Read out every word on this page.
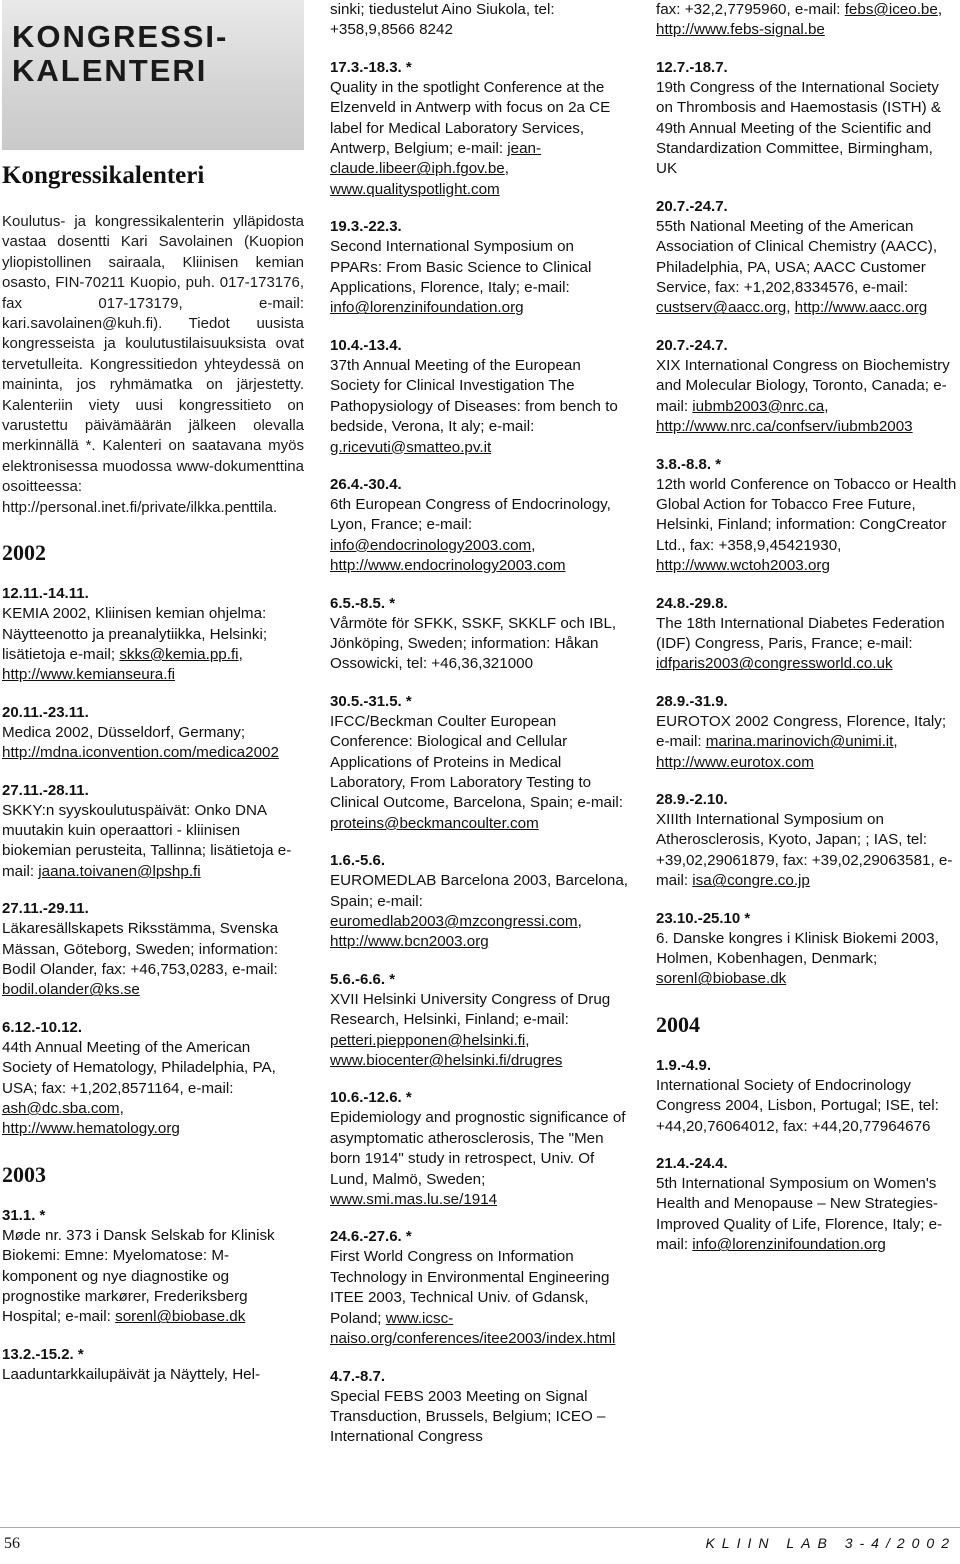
KONGRESSI-
KALENTERI
Kongressikalenteri

Koulutus- ja kongressikalenterin ylläpidosta vastaa dosentti Kari Savolainen (Kuopion yliopistollinen sairaala, Kliinisen kemian osasto, FIN-70211 Kuopio, puh. 017-173176, fax 017-173179, e-mail: kari.savolainen@kuh.fi). Tiedot uusista kongresseista ja koulutustilaisuuksista ovat tervetulleita. Kongressitiedon yhteydessä on maininta, jos ryhmämatka on järjestetty. Kalenteriin viety uusi kongressitieto on varustettu päivämäärän jälkeen olevalla merkinnällä *. Kalenteri on saatavana myös elektronisessa muodossa www-dokumenttina osoitteessa: http://personal.inet.fi/private/ilkka.penttila.

2002
12.11.-14.11.
KEMIA 2002, Kliinisen kemian ohjelma: Näytteenotto ja preanalytiikka, Helsinki; lisätietoja e-mail; skks@kemia.pp.fi, http://www.kemianseura.fi
20.11.-23.11.
Medica 2002, Düsseldorf, Germany; http://mdna.iconvention.com/medica2002
27.11.-28.11.
SKKY:n syyskoulutuspäivät: Onko DNA muutakin kuin operaattori - kliinisen biokemian perusteita, Tallinna; lisätietoja e-mail: jaana.toivanen@lpshp.fi
27.11.-29.11.
Läkaresällskapets Riksstämma, Svenska Mässan, Göteborg, Sweden; information: Bodil Olander, fax: +46,753,0283, e-mail: bodil.olander@ks.se
6.12.-10.12.
44th Annual Meeting of the American Society of Hematology, Philadelphia, PA, USA; fax: +1,202,8571164, e-mail: ash@dc.sba.com, http://www.hematology.org
2003
31.1. *
Møde nr. 373 i Dansk Selskab for Klinisk Biokemi: Emne: Myelomatose: M-komponent og nye diagnostike og prognostike markører, Frederiksberg Hospital; e-mail: sorenl@biobase.dk
13.2.-15.2. *
Laaduntarkkailupäivät ja Näyttely, Hel-
sinki; tiedustelut Aino Siukola, tel: +358,9,8566 8242
17.3.-18.3. *
Quality in the spotlight Conference at the Elzenveld in Antwerp with focus on 2a CE label for Medical Laboratory Services, Antwerp, Belgium; e-mail: jean-claude.libeer@iph.fgov.be, www.qualityspotlight.com
19.3.-22.3.
Second International Symposium on PPARs: From Basic Science to Clinical Applications, Florence, Italy; e-mail: info@lorenzinifoundation.org
10.4.-13.4.
37th Annual Meeting of the European Society for Clinical Investigation The Pathopysiology of Diseases: from bench to bedside, Verona, It aly; e-mail: g.ricevuti@smatteo.pv.it
26.4.-30.4.
6th European Congress of Endocrinology, Lyon, France; e-mail: info@endocrinology2003.com, http://www.endocrinology2003.com
6.5.-8.5. *
Vårmöte för SFKK, SSKF, SKKLF och IBL, Jönköping, Sweden; information: Håkan Ossowicki, tel: +46,36,321000
30.5.-31.5. *
IFCC/Beckman Coulter European Conference: Biological and Cellular Applications of Proteins in Medical Laboratory, From Laboratory Testing to Clinical Outcome, Barcelona, Spain; e-mail: proteins@beckmancoulter.com
1.6.-5.6.
EUROMEDLAB Barcelona 2003, Barcelona, Spain; e-mail: euromedlab2003@mzcongressi.com, http://www.bcn2003.org
5.6.-6.6. *
XVII Helsinki University Congress of Drug Research, Helsinki, Finland; e-mail: petteri.piepponen@helsinki.fi, www.biocenter@helsinki.fi/drugres
10.6.-12.6. *
Epidemiology and prognostic significance of asymptomatic atherosclerosis, The "Men born 1914" study in retrospect, Univ. Of Lund, Malmö, Sweden; www.smi.mas.lu.se/1914
24.6.-27.6. *
First World Congress on Information Technology in Environmental Engineering ITEE 2003, Technical Univ. of Gdansk, Poland; www.icsc-naiso.org/conferences/itee2003/index.html
4.7.-8.7.
Special FEBS 2003 Meeting on Signal Transduction, Brussels, Belgium; ICEO – International Congress
fax: +32,2,7795960, e-mail: febs@iceo.be, http://www.febs-signal.be
12.7.-18.7.
19th Congress of the International Society on Thrombosis and Haemostasis (ISTH) & 49th Annual Meeting of the Scientific and Standardization Committee, Birmingham, UK
20.7.-24.7.
55th National Meeting of the American Association of Clinical Chemistry (AACC), Philadelphia, PA, USA; AACC Customer Service, fax: +1,202,8334576, e-mail: custserv@aacc.org, http://www.aacc.org
20.7.-24.7.
XIX International Congress on Biochemistry and Molecular Biology, Toronto, Canada; e-mail: iubmb2003@nrc.ca, http://www.nrc.ca/confserv/iubmb2003
3.8.-8.8. *
12th world Conference on Tobacco or Health Global Action for Tobacco Free Future, Helsinki, Finland; information: CongCreator Ltd., fax: +358,9,45421930, http://www.wctoh2003.org
24.8.-29.8.
The 18th International Diabetes Federation (IDF) Congress, Paris, France; e-mail: idfparis2003@congressworld.co.uk
28.9.-31.9.
EUROTOX 2002 Congress, Florence, Italy; e-mail: marina.marinovich@unimi.it, http://www.eurotox.com
28.9.-2.10.
XIIIth International Symposium on Atherosclerosis, Kyoto, Japan; ; IAS, tel: +39,02,29061879, fax: +39,02,29063581, e-mail: isa@congre.co.jp
23.10.-25.10 *
6. Danske kongres i Klinisk Biokemi 2003, Holmen, Kobenhagen, Denmark; sorenl@biobase.dk
2004
1.9.-4.9.
International Society of Endocrinology Congress 2004, Lisbon, Portugal; ISE, tel: +44,20,76064012, fax: +44,20,77964676
21.4.-24.4.
5th International Symposium on Women's Health and Menopause – New Strategies-Improved Quality of Life, Florence, Italy; e-mail: info@lorenzinifoundation.org
56	KLIIN LAB 3-4/2002
